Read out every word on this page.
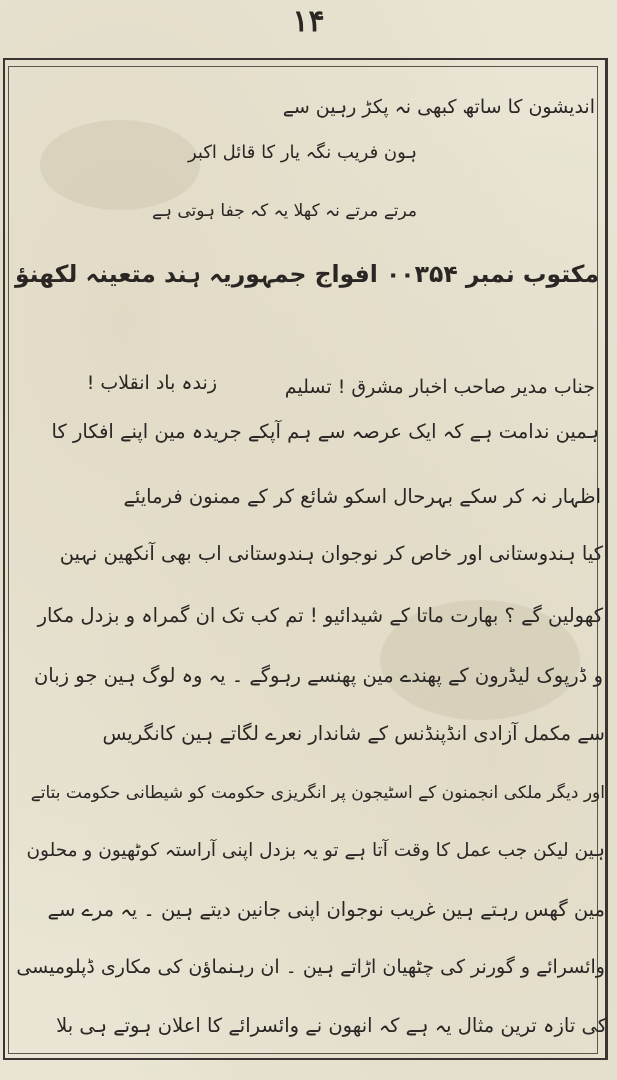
۱۴
اندیشون کا ساتھ کبھی نہ پکڑ رہین سے
ہون فریب نگہ یار کا قائل اکبر
مرتے مرتے نہ کھلا یہ کہ جفا ہوتی ہے
مکتوب نمبر ۰۰۳۵۴ افواج جمہوریہ ہند متعینہ لکھنؤ
جناب مدیر صاحب اخبار مشرق ! تسلیم
زندہ باد انقلاب !
ہمین ندامت ہے کہ ایک عرصہ سے ہم آپکے جریدہ مین اپنے افکار کا
اظہار نہ کر سکے بہرحال اسکو شائع کر کے ممنون فرمایئے
کیا ہندوستانی اور خاص کر نوجوان ہندوستانی اب بھی آنکھین نہین
کھولین گے ؟ بھارت ماتا کے شیدائیو ! تم کب تک ان گمراہ و بزدل مکار
و ڈرپوک لیڈرون کے پھندے مین پھنسے رہوگے ۔ یہ وہ لوگ ہین جو زبان
سے مکمل آزادی انڈپنڈنس کے شاندار نعرے لگاتے ہین کانگریس
اور دیگر ملکی انجمنون کے اسٹیجون پر انگریزی حکومت کو شیطانی حکومت بتاتے
ہین لیکن جب عمل کا وقت آتا ہے تو یہ بزدل اپنی آراستہ کوٹھیون و محلون
مین گھس رہتے ہین غریب نوجوان اپنی جانین دیتے ہین ۔ یہ مرے سے
وائسرائے و گورنر کی چٹھیان اڑاتے ہین ۔ ان رہنماؤن کی مکاری ڈپلومیسی
کی تازہ ترین مثال یہ ہے کہ انھون نے وائسرائے کا اعلان ہوتے ہی بلا
